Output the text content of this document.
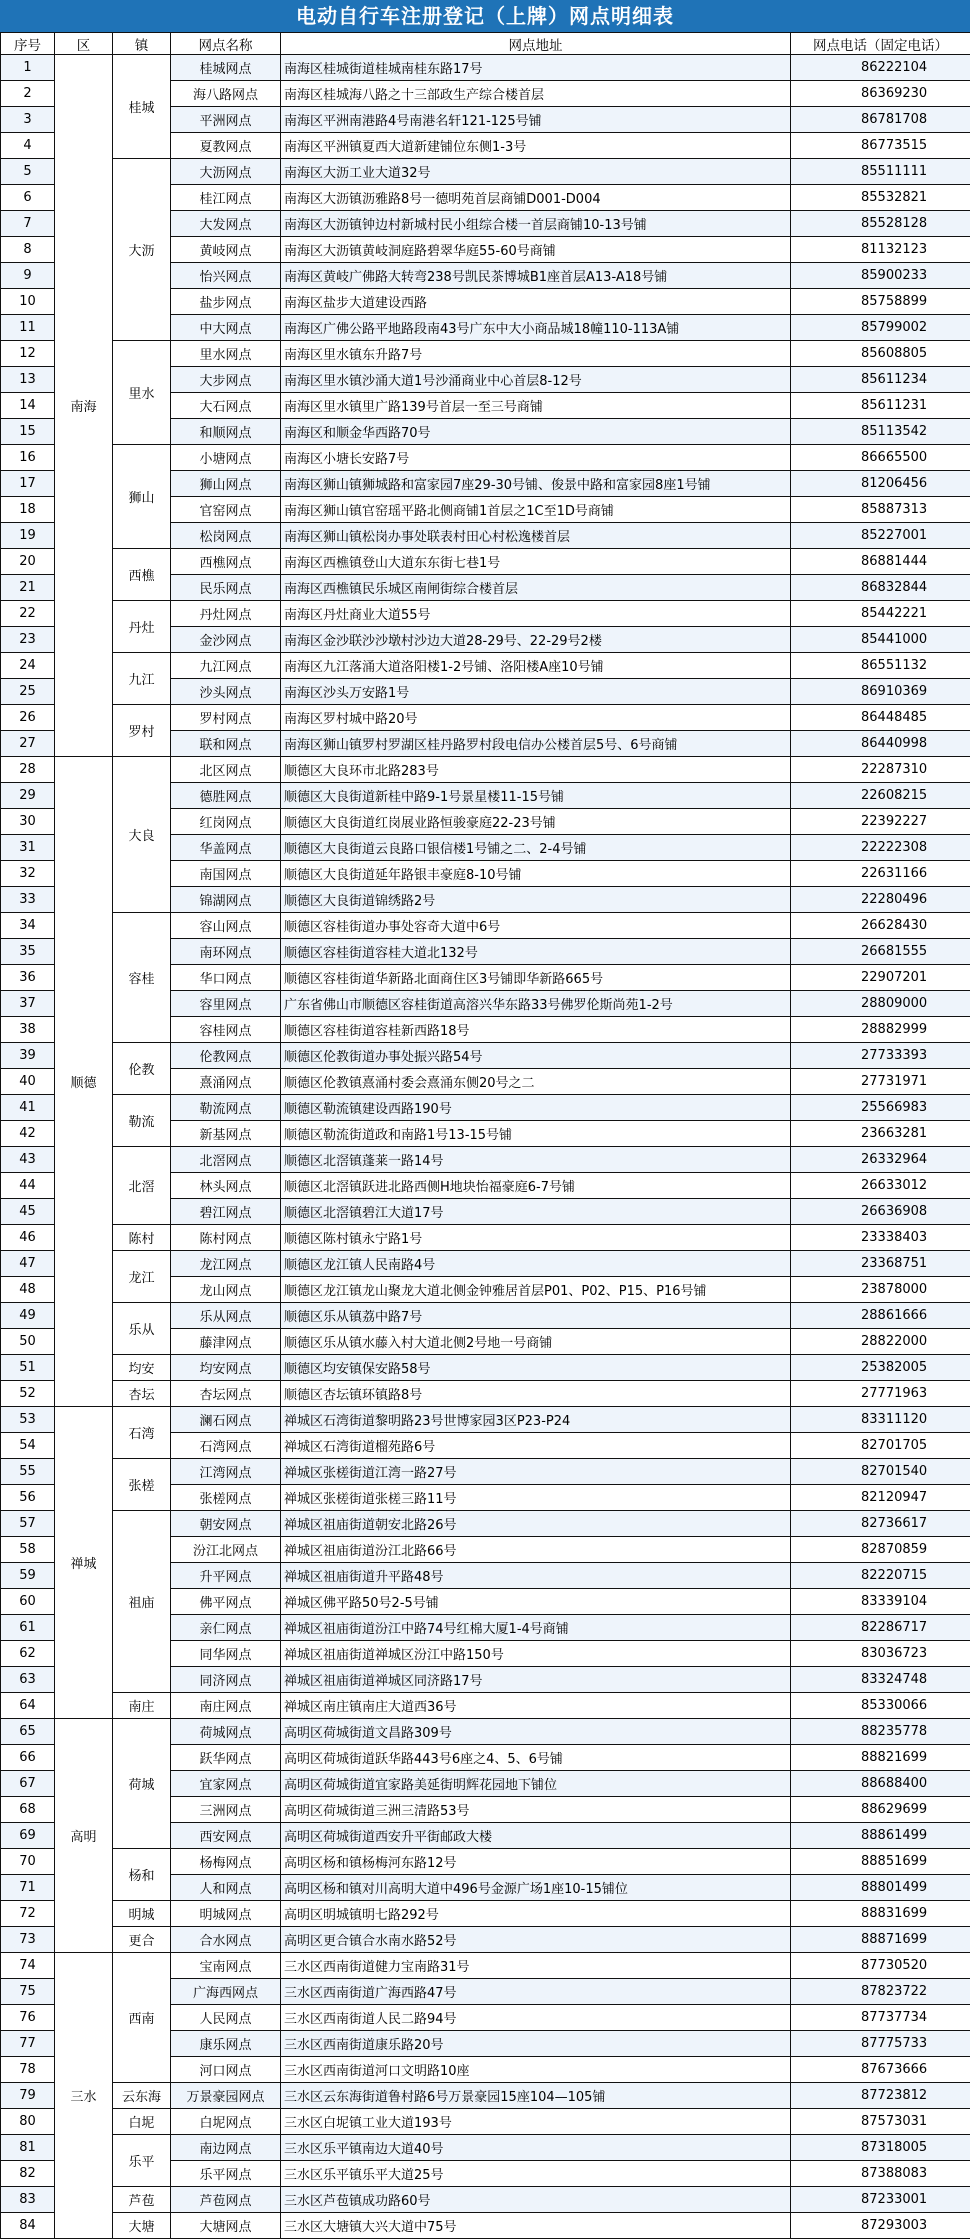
电动自行车注册登记（上牌）网点明细表
序号	区	镇	网点名称	网点地址	网点电话（固定电话）
1	南海	桂城	桂城网点	南海区桂城街道桂城南桂东路17号	86222104
2			海八路网点	南海区桂城海八路之十三部政生产综合楼首层	86369230
3			平洲网点	南海区平洲南港路4号南港名轩121-125号铺	86781708
4			夏教网点	南海区平洲镇夏西大道新建铺位东侧1-3号	86773515
5		大沥	大沥网点	南海区大沥工业大道32号	85511111
6			桂江网点	南海区大沥镇沥雅路8号一德明苑首层商铺D001-D004	85532821
7			大发网点	南海区大沥镇钟边村新城村民小组综合楼一首层商铺10-13号铺	85528128
8			黄岐网点	南海区大沥镇黄岐洞庭路碧翠华庭55-60号商铺	81132123
9			怡兴网点	南海区黄岐广佛路大转弯238号凯民茶博城B1座首层A13-A18号铺	85900233
10			盐步网点	南海区盐步大道建设西路	85758899
11			中大网点	南海区广佛公路平地路段南43号广东中大小商品城18幢110-113A铺	85799002
12		里水	里水网点	南海区里水镇东升路7号	85608805
13			大步网点	南海区里水镇沙涌大道1号沙涌商业中心首层8-12号	85611234
14			大石网点	南海区里水镇里广路139号首层一至三号商铺	85611231
15			和顺网点	南海区和顺金华西路70号	85113542
16		狮山	小塘网点	南海区小塘长安路7号	86665500
17			狮山网点	南海区狮山镇狮城路和富家园7座29-30号铺、俊景中路和富家园8座1号铺	81206456
18			官窑网点	南海区狮山镇官窑瑶平路北侧商铺1首层之1C至1D号商铺	85887313
19			松岗网点	南海区狮山镇松岗办事处联表村田心村松逸楼首层	85227001
20		西樵	西樵网点	南海区西樵镇登山大道东东街七巷1号	86881444
21			民乐网点	南海区西樵镇民乐城区南闸街综合楼首层	86832844
22		丹灶	丹灶网点	南海区丹灶商业大道55号	85442221
23			金沙网点	南海区金沙联沙沙墩村沙边大道28-29号、22-29号2楼	85441000
24		九江	九江网点	南海区九江落涌大道洛阳楼1-2号铺、洛阳楼A座10号铺	86551132
25			沙头网点	南海区沙头万安路1号	86910369
26		罗村	罗村网点	南海区罗村城中路20号	86448485
27			联和网点	南海区狮山镇罗村罗湖区桂丹路罗村段电信办公楼首层5号、6号商铺	86440998
28	顺德	大良	北区网点	顺德区大良环市北路283号	22287310
29			德胜网点	顺德区大良街道新桂中路9-1号景星楼11-15号铺	22608215
30			红岗网点	顺德区大良街道红岗展业路恒骏豪庭22-23号铺	22392227
31			华盖网点	顺德区大良街道云良路口银信楼1号铺之二、2-4号铺	22222308
32			南国网点	顺德区大良街道延年路银丰豪庭8-10号铺	22631166
33			锦湖网点	顺德区大良街道锦绣路2号	22280496
34		容桂	容山网点	顺德区容桂街道办事处容奇大道中6号	26628430
35			南环网点	顺德区容桂街道容桂大道北132号	26681555
36			华口网点	顺德区容桂街道华新路北面商住区3号铺即华新路665号	22907201
37			容里网点	广东省佛山市顺德区容桂街道高溶兴华东路33号佛罗伦斯尚苑1-2号	28809000
38			容桂网点	顺德区容桂街道容桂新西路18号	28882999
39		伦教	伦教网点	顺德区伦教街道办事处振兴路54号	27733393
40			熹涌网点	顺德区伦教镇熹涌村委会熹涌东侧20号之二	27731971
41		勒流	勒流网点	顺德区勒流镇建设西路190号	25566983
42			新基网点	顺德区勒流街道政和南路1号13-15号铺	23663281
43		北滘	北滘网点	顺德区北滘镇蓬莱一路14号	26332964
44			林头网点	顺德区北滘镇跃进北路西侧H地块怡福豪庭6-7号铺	26633012
45			碧江网点	顺德区北滘镇碧江大道17号	26636908
46		陈村	陈村网点	顺德区陈村镇永宁路1号	23338403
47		龙江	龙江网点	顺德区龙江镇人民南路4号	23368751
48			龙山网点	顺德区龙江镇龙山聚龙大道北侧金钟雅居首层P01、P02、P15、P16号铺	23878000
49		乐从	乐从网点	顺德区乐从镇荔中路7号	28861666
50			藤津网点	顺德区乐从镇水藤入村大道北侧2号地一号商铺	28822000
51		均安	均安网点	顺德区均安镇保安路58号	25382005
52		杏坛	杏坛网点	顺德区杏坛镇环镇路8号	27771963
53	禅城	石湾	澜石网点	禅城区石湾街道黎明路23号世博家园3区P23-P24	83311120
54			石湾网点	禅城区石湾街道榴苑路6号	82701705
55		张槎	江湾网点	禅城区张槎街道江湾一路27号	82701540
56			张槎网点	禅城区张槎街道张槎三路11号	82120947
57		祖庙	朝安网点	禅城区祖庙街道朝安北路26号	82736617
58			汾江北网点	禅城区祖庙街道汾江北路66号	82870859
59			升平网点	禅城区祖庙街道升平路48号	82220715
60			佛平网点	禅城区佛平路50号2-5号铺	83339104
61			亲仁网点	禅城区祖庙街道汾江中路74号红棉大厦1-4号商铺	82286717
62			同华网点	禅城区祖庙街道禅城区汾江中路150号	83036723
63			同济网点	禅城区祖庙街道禅城区同济路17号	83324748
64		南庄	南庄网点	禅城区南庄镇南庄大道西36号	85330066
65	高明	荷城	荷城网点	高明区荷城街道文昌路309号	88235778
66			跃华网点	高明区荷城街道跃华路443号6座之4、5、6号铺	88821699
67			宜家网点	高明区荷城街道宜家路美延街明辉花园地下铺位	88688400
68			三洲网点	高明区荷城街道三洲三清路53号	88629699
69			西安网点	高明区荷城街道西安升平街邮政大楼	88861499
70		杨和	杨梅网点	高明区杨和镇杨梅河东路12号	88851699
71			人和网点	高明区杨和镇对川高明大道中496号金源广场1座10-15铺位	88801499
72		明城	明城网点	高明区明城镇明七路292号	88831699
73		更合	合水网点	高明区更合镇合水南水路52号	88871699
74	三水	西南	宝南网点	三水区西南街道健力宝南路31号	87730520
75			广海西网点	三水区西南街道广海西路47号	87823722
76			人民网点	三水区西南街道人民二路94号	87737734
77			康乐网点	三水区西南街道康乐路20号	87775733
78			河口网点	三水区西南街道河口文明路10座	87673666
79		云东海	万景豪园网点	三水区云东海街道鲁村路6号万景豪园15座104—105铺	87723812
80		白坭	白坭网点	三水区白坭镇工业大道193号	87573031
81		乐平	南边网点	三水区乐平镇南边大道40号	87318005
82			乐平网点	三水区乐平镇乐平大道25号	87388083
83		芦苞	芦苞网点	三水区芦苞镇成功路60号	87233001
84		大塘	大塘网点	三水区大塘镇大兴大道中75号	87293003
